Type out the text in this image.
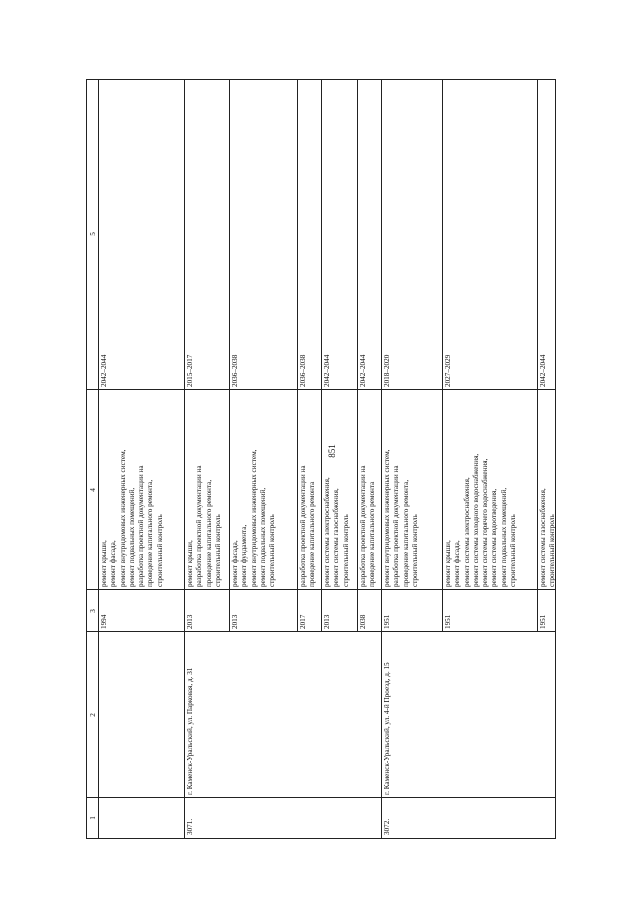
851
1
2
3
4
5
1994
ремонт крыши, ремонт фасада, ремонт внутридомовых инженерных систем, ремонт подвальных помещений, разработка проектной документации на проведение капитального ремонта, строительный контроль
2042–2044
3071.
г. Каменск-Уральский, ул. Парковая, д. 31
2013
ремонт крыши, разработка проектной документации на проведение капитального ремонта, строительный контроль
2015–2017
2013
ремонт фасада, ремонт фундамента, ремонт внутридомовых инженерных систем, ремонт подвальных помещений, строительный контроль
2036–2038
2017
разработка проектной документации на проведение капитального ремонта
2036–2038
2013
ремонт системы электроснабжения, ремонт системы газоснабжения, строительный контроль
2042–2044
2038
разработка проектной документации на проведение капитального ремонта
2042–2044
3072.
г. Каменск-Уральский, ул. 4-й Проезд, д. 15
1951
ремонт внутридомовых инженерных систем, разработка проектной документации на проведение капитального ремонта, строительный контроль
2018–2020
1951
ремонт крыши, ремонт фасада, ремонт системы электроснабжения, ремонт системы холодного водоснабжения, ремонт системы горячего водоснабжения, ремонт системы водоотведения, ремонт подвальных помещений, строительный контроль
2027–2029
1951
ремонт системы газоснабжения, строительный контроль
2042–2044
